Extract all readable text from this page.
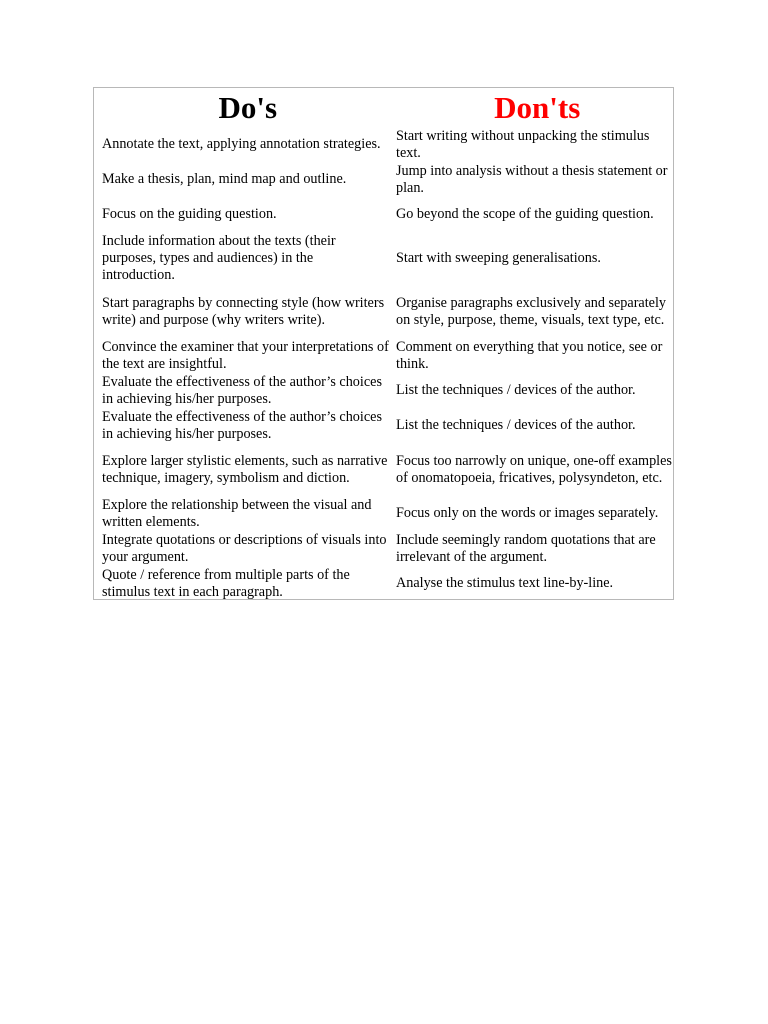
Do's	Don'ts
Annotate the text, applying annotation strategies.
Start writing without unpacking the stimulus text.
Make a thesis, plan, mind map and outline.
Jump into analysis without a thesis statement or plan.
Focus on the guiding question.	Go beyond the scope of the guiding question.
Include information about the texts (their purposes, types and audiences) in the introduction.
Start with sweeping generalisations.
Start paragraphs by connecting style (how writers write) and purpose (why writers write).
Organise paragraphs exclusively and separately on style, purpose, theme, visuals, text type, etc.
Convince the examiner that your interpretations of the text are insightful.
Comment on everything that you notice, see or think.
Evaluate the effectiveness of the author’s choices in achieving his/her purposes.
List the techniques / devices of the author.
Evaluate the effectiveness of the author’s choices in achieving his/her purposes.
List the techniques / devices of the author.
Explore larger stylistic elements, such as narrative technique, imagery, symbolism and diction.
Focus too narrowly on unique, one-off examples of onomatopoeia, fricatives, polysyndeton, etc.
Explore the relationship between the visual and written elements.
Focus only on the words or images separately.
Integrate quotations or descriptions of visuals into your argument.
Include seemingly random quotations that are irrelevant of the argument.
Quote / reference from multiple parts of the stimulus text in each paragraph.
Analyse the stimulus text line-by-line.
